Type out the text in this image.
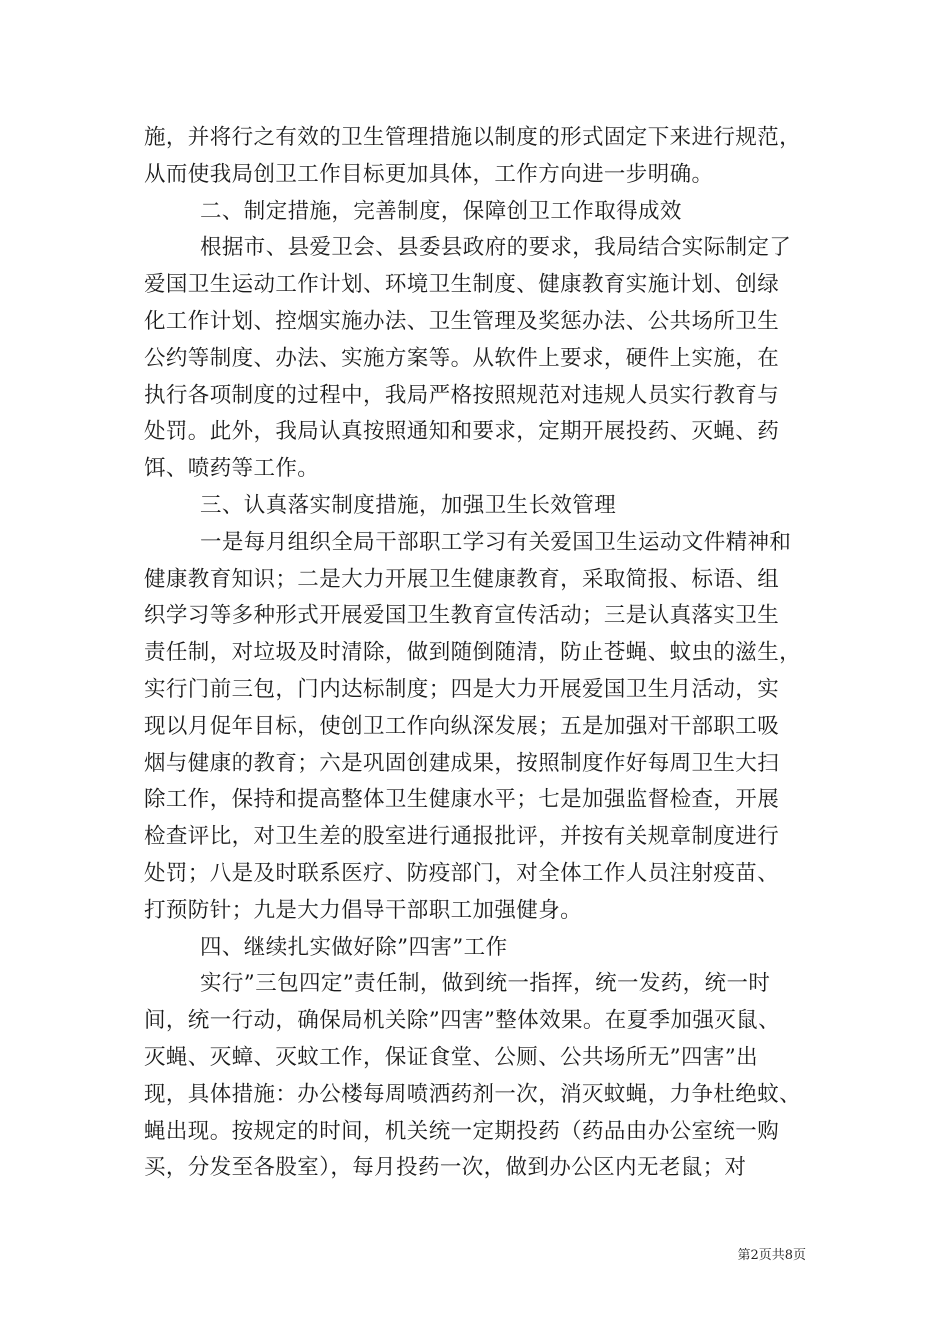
施，并将行之有效的卫生管理措施以制度的形式固定下来进行规范，
从而使我局创卫工作目标更加具体，工作方向进一步明确。
二、制定措施，完善制度，保障创卫工作取得成效
根据市、县爱卫会、县委县政府的要求，我局结合实际制定了
爱国卫生运动工作计划、环境卫生制度、健康教育实施计划、创绿
化工作计划、控烟实施办法、卫生管理及奖惩办法、公共场所卫生
公约等制度、办法、实施方案等。从软件上要求，硬件上实施，在
执行各项制度的过程中，我局严格按照规范对违规人员实行教育与
处罚。此外，我局认真按照通知和要求，定期开展投药、灭蝇、药
饵、喷药等工作。
三、认真落实制度措施，加强卫生长效管理
一是每月组织全局干部职工学习有关爱国卫生运动文件精神和
健康教育知识；二是大力开展卫生健康教育，采取简报、标语、组
织学习等多种形式开展爱国卫生教育宣传活动；三是认真落实卫生
责任制，对垃圾及时清除，做到随倒随清，防止苍蝇、蚊虫的滋生，
实行门前三包，门内达标制度；四是大力开展爱国卫生月活动，实
现以月促年目标，使创卫工作向纵深发展；五是加强对干部职工吸
烟与健康的教育；六是巩固创建成果，按照制度作好每周卫生大扫
除工作，保持和提高整体卫生健康水平；七是加强监督检查，开展
检查评比，对卫生差的股室进行通报批评，并按有关规章制度进行
处罚；八是及时联系医疗、防疫部门，对全体工作人员注射疫苗、
打预防针；九是大力倡导干部职工加强健身。
四、继续扎实做好除”四害”工作
实行”三包四定”责任制，做到统一指挥，统一发药，统一时
间，统一行动，确保局机关除”四害”整体效果。在夏季加强灭鼠、
灭蝇、灭蟑、灭蚊工作，保证食堂、公厕、公共场所无”四害”出
现，具体措施：办公楼每周喷洒药剂一次，消灭蚊蝇，力争杜绝蚊、
蝇出现。按规定的时间，机关统一定期投药（药品由办公室统一购
买，分发至各股室），每月投药一次，做到办公区内无老鼠；对
第2页共8页
